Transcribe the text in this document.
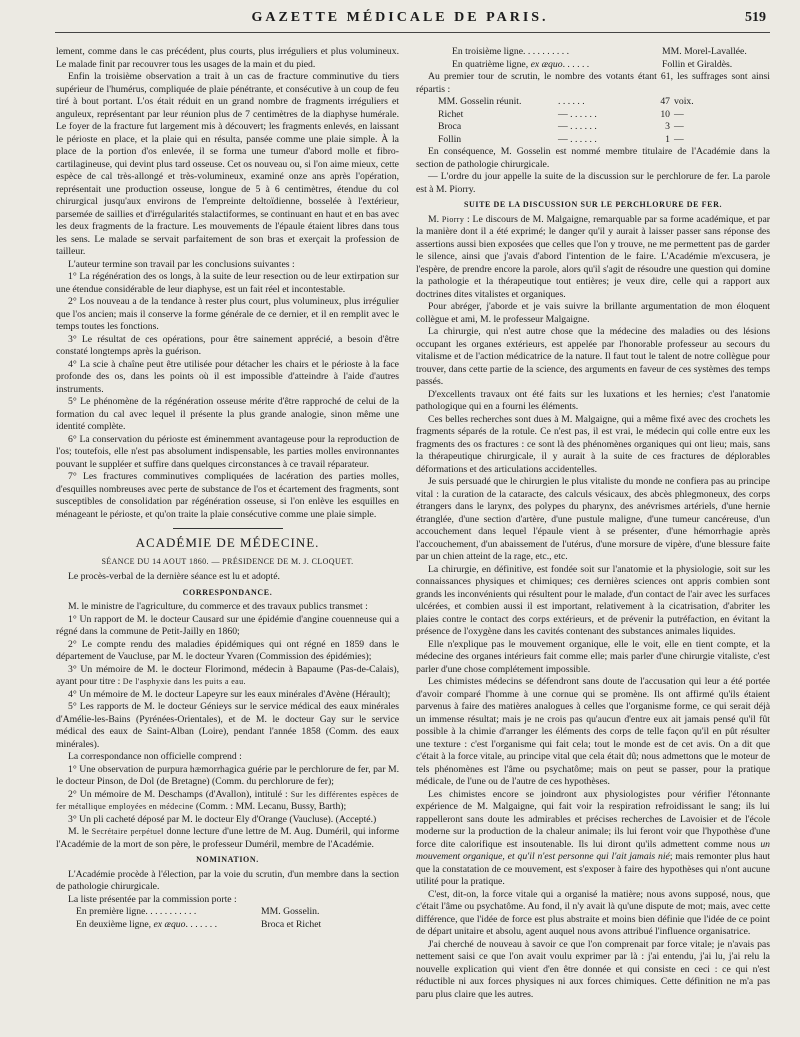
GAZETTE MÉDICALE DE PARIS.	519

lement, comme dans le cas précédent, plus courts, plus irréguliers et plus volumineux. Le malade finit par recouvrer tous les usages de la main et du pied.

Enfin la troisième observation a trait à un cas de fracture comminutive du tiers supérieur de l'humérus, compliquée de plaie pénétrante, et consécutive à un coup de feu tiré à bout portant. L'os était réduit en un grand nombre de fragments irréguliers et anguleux, représentant par leur réunion plus de 7 centimètres de la diaphyse humérale. Le foyer de la fracture fut largement mis à découvert; les fragments enlevés, en laissant le périoste en place, et la plaie qui en résulta, pansée comme une plaie simple. À la place de la portion d'os enlevée, il se forma une tumeur d'abord molle et fibro-cartilagineuse, qui devint plus tard osseuse. Cet os nouveau ou, si l'on aime mieux, cette espèce de cal très-allongé et très-volumineux, examiné onze ans après l'opération, représentait une production osseuse, longue de 5 à 6 centimètres, étendue du col chirurgical jusqu'aux environs de l'empreinte deltoïdienne, bosselée à l'extérieur, parsemée de saillies et d'irrégularités stalactiformes, se continuant en haut et en bas avec les deux fragments de la fracture. Les mouvements de l'épaule étaient libres dans tous les sens. Le malade se servait parfaitement de son bras et exerçait la profession de tailleur.

L'auteur termine son travail par les conclusions suivantes :

1° La régénération des os longs, à la suite de leur resection ou de leur extirpation sur une étendue considérable de leur diaphyse, est un fait réel et incontestable.

2° Los nouveau a de la tendance à rester plus court, plus volumineux, plus irrégulier que l'os ancien; mais il conserve la forme générale de ce dernier, et il en remplit avec le temps toutes les fonctions.

3° Le résultat de ces opérations, pour être sainement apprécié, a besoin d'être constaté longtemps après la guérison.

4° La scie à chaîne peut être utilisée pour détacher les chairs et le périoste à la face profonde des os, dans les points où il est impossible d'atteindre à l'aide d'autres instruments.

5° Le phénomène de la régénération osseuse mérite d'être rapproché de celui de la formation du cal avec lequel il présente la plus grande analogie, sinon même une identité complète.

6° La conservation du périoste est éminemment avantageuse pour la reproduction de l'os; toutefois, elle n'est pas absolument indispensable, les parties molles environnantes pouvant le suppléer et suffire dans quelques circonstances à ce travail réparateur.

7° Les fractures comminutives compliquées de lacération des parties molles, d'esquilles nombreuses avec perte de substance de l'os et écartement des fragments, sont susceptibles de consolidation par régénération osseuse, si l'on enlève les esquilles en ménageant le périoste, et qu'on traite la plaie consécutive comme une plaie simple.

ACADÉMIE DE MÉDECINE.
SÉANCE DU 14 AOUT 1860. — PRÉSIDENCE DE M. J. CLOQUET.

Le procès-verbal de la dernière séance est lu et adopté.

CORRESPONDANCE.

M. le ministre de l'agriculture, du commerce et des travaux publics transmet :

1° Un rapport de M. le docteur Causard sur une épidémie d'angine couenneuse qui a régné dans la commune de Petit-Jailly en 1860;

2° Le compte rendu des maladies épidémiques qui ont régné en 1859 dans le département de Vaucluse, par M. le docteur Yvaren (Commission des épidémies);

3° Un mémoire de M. le docteur Florimond, médecin à Bapaume (Pas-de-Calais), ayant pour titre : De l'asphyxie dans les puits a eau.

4° Un mémoire de M. le docteur Lapeyre sur les eaux minérales d'Avène (Hérault);

5° Les rapports de M. le docteur Génieys sur le service médical des eaux minérales d'Amélie-les-Bains (Pyrénées-Orientales), et de M. le docteur Gay sur le service médical des eaux de Saint-Alban (Loire), pendant l'année 1858 (Comm. des eaux minérales).

La correspondance non officielle comprend :

1° Une observation de purpura hæmorrhagica guérie par le perchlorure de fer, par M. le docteur Pinson, de Dol (de Bretagne) (Comm. du perchlorure de fer);

2° Un mémoire de M. Deschamps (d'Avallon), intitulé : Sur les différentes espèces de fer métallique employées en médecine (Comm. : MM. Lecanu, Bussy, Barth);

3° Un pli cacheté déposé par M. le docteur Ely d'Orange (Vaucluse). (Accepté.)

M. le Secrétaire perpétuel donne lecture d'une lettre de M. Aug. Duméril, qui informe l'Académie de la mort de son père, le professeur Duméril, membre de l'Académie.

NOMINATION.

L'Académie procède à l'élection, par la voie du scrutin, d'un membre dans la section de pathologie chirurgicale.

La liste présentée par la commission porte :

En première ligne. . . . . . . . . . .	MM. Gosselin.
En deuxième ligne, ex æquo. . . . . . .	Broca et Richet
En troisième ligne. . . . . . . . . .	MM. Morel-Lavallée.
En quatrième ligne, ex æquo. . . . . .	Follin et Giraldès.

Au premier tour de scrutin, le nombre des votants étant 61, les suffrages sont ainsi répartis :

MM. Gosselin réunit.	. . . . . .	47 voix.
Richet	— . . . . . .	10 —
Broca	— . . . . . .	3 —
Follin	— . . . . . .	1 —

En conséquence, M. Gosselin est nommé membre titulaire de l'Académie dans la section de pathologie chirurgicale.

— L'ordre du jour appelle la suite de la discussion sur le perchlorure de fer. La parole est à M. Piorry.

SUITE DE LA DISCUSSION SUR LE PERCHLORURE DE FER.

M. Piorry : Le discours de M. Malgaigne, remarquable par sa forme académique, et par la manière dont il a été exprimé; le danger qu'il y aurait à laisser passer sans réponse des assertions aussi bien exposées que celles que l'on y trouve, ne me permettent pas de garder le silence, ainsi que j'avais d'abord l'intention de le faire. L'Académie m'excusera, je l'espère, de prendre encore la parole, alors qu'il s'agit de résoudre une question qui domine la pathologie et la thérapeutique tout entières; je veux dire, celle qui a rapport aux doctrines dites vitalistes et organiques.

Pour abréger, j'aborde et je vais suivre la brillante argumentation de mon éloquent collègue et ami, M. le professeur Malgaigne.

La chirurgie, qui n'est autre chose que la médecine des maladies ou des lésions occupant les organes extérieurs, est appelée par l'honorable professeur au secours du vitalisme et de l'action médicatrice de la nature. Il faut tout le talent de notre collègue pour trouver, dans cette partie de la science, des arguments en faveur de ces systèmes des temps passés.

D'excellents travaux ont été faits sur les luxations et les hernies; c'est l'anatomie pathologique qui en a fourni les éléments.

Ces belles recherches sont dues à M. Malgaigne, qui a même fixé avec des crochets les fragments séparés de la rotule. Ce n'est pas, il est vrai, le médecin qui colle entre eux les fragments des os fractures : ce sont là des phénomènes organiques qui ont lieu; mais, sans la thérapeutique chirurgicale, il y aurait à la suite de ces fractures de déplorables déformations et des articulations accidentelles.

Je suis persuadé que le chirurgien le plus vitaliste du monde ne confiera pas au principe vital : la curation de la cataracte, des calculs vésicaux, des abcès phlegmoneux, des corps étrangers dans le larynx, des polypes du pharynx, des anévrismes artériels, d'une hernie étranglée, d'une section d'artère, d'une pustule maligne, d'une tumeur cancéreuse, d'un accouchement dans lequel l'épaule vient à se présenter, d'une hémorrhagie après l'accouchement, d'un abaissement de l'utérus, d'une morsure de vipère, d'une blessure faite par un chien atteint de la rage, etc., etc.

La chirurgie, en définitive, est fondée soit sur l'anatomie et la physiologie, soit sur les connaissances physiques et chimiques; ces dernières sciences ont appris combien sont grands les inconvénients qui résultent pour le malade, d'un contact de l'air avec les surfaces ulcérées, et combien aussi il est important, relativement à la cicatrisation, d'abriter les plaies contre le contact des corps extérieurs, et de prévenir la putréfaction, en évitant la présence de l'oxygène dans les cavités contenant des substances animales liquides.

Elle n'explique pas le mouvement organique, elle le voit, elle en tient compte, et la médecine des organes intérieurs fait comme elle; mais parler d'une chirurgie vitaliste, c'est parler d'une chose complétement impossible.

Les chimistes médecins se défendront sans doute de l'accusation qui leur a été portée d'avoir comparé l'homme à une cornue qui se promène. Ils ont affirmé qu'ils étaient parvenus à faire des matières analogues à celles que l'organisme forme, ce qui serait déjà un immense résultat; mais je ne crois pas qu'aucun d'entre eux ait jamais pensé qu'il fût possible à la chimie d'arranger les éléments des corps de telle façon qu'il en pût résulter une texture : c'est l'organisme qui fait cela; tout le monde est de cet avis. On a dit que c'était à la force vitale, au principe vital que cela était dû; nous admettons que le moteur de tels phénomènes est l'âme ou psychatôme; mais on peut se passer, pour la pratique médicale, de l'une ou de l'autre de ces hypothèses.

Les chimistes encore se joindront aux physiologistes pour vérifier l'étonnante expérience de M. Malgaigne, qui fait voir la respiration refroidissant le sang; ils lui rappelleront sans doute les admirables et précises recherches de Lavoisier et de l'école moderne sur la production de la chaleur animale; ils lui feront voir que l'hypothèse d'une force dite calorifique est insoutenable. Ils lui diront qu'ils admettent comme nous un mouvement organique, et qu'il n'est personne qui l'ait jamais nié; mais remonter plus haut que la constatation de ce mouvement, est s'exposer à faire des hypothèses qui n'ont aucune utilité pour la pratique.

C'est, dit-on, la force vitale qui a organisé la matière; nous avons supposé, nous, que c'était l'âme ou psychatôme. Au fond, il n'y avait là qu'une dispute de mot; mais, avec cette différence, que l'idée de force est plus abstraite et moins bien définie que l'idée de ce point de départ unitaire et absolu, agent auquel nous avons attribué l'influence organisatrice.

J'ai cherché de nouveau à savoir ce que l'on comprenait par force vitale; je n'avais pas nettement saisi ce que l'on avait voulu exprimer par là : j'ai entendu, j'ai lu, j'ai relu la nouvelle explication qui vient d'en être donnée et qui consiste en ceci : ce qui n'est réductible ni aux forces physiques ni aux forces chimiques. Cette définition ne m'a pas paru plus claire que les autres.
